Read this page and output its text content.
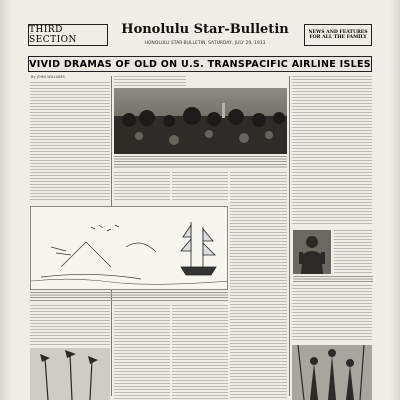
THIRD SECTION
Honolulu Star-Bulletin
HONOLULU STAR-BULLETIN, SATURDAY, JULY 29, 1933
NEWS AND FEATURES
FOR ALL THE FAMILY
VIVID DRAMAS OF OLD ON U.S. TRANSPACIFIC AIRLINE ISLES
By JOHN WILLIAMS
